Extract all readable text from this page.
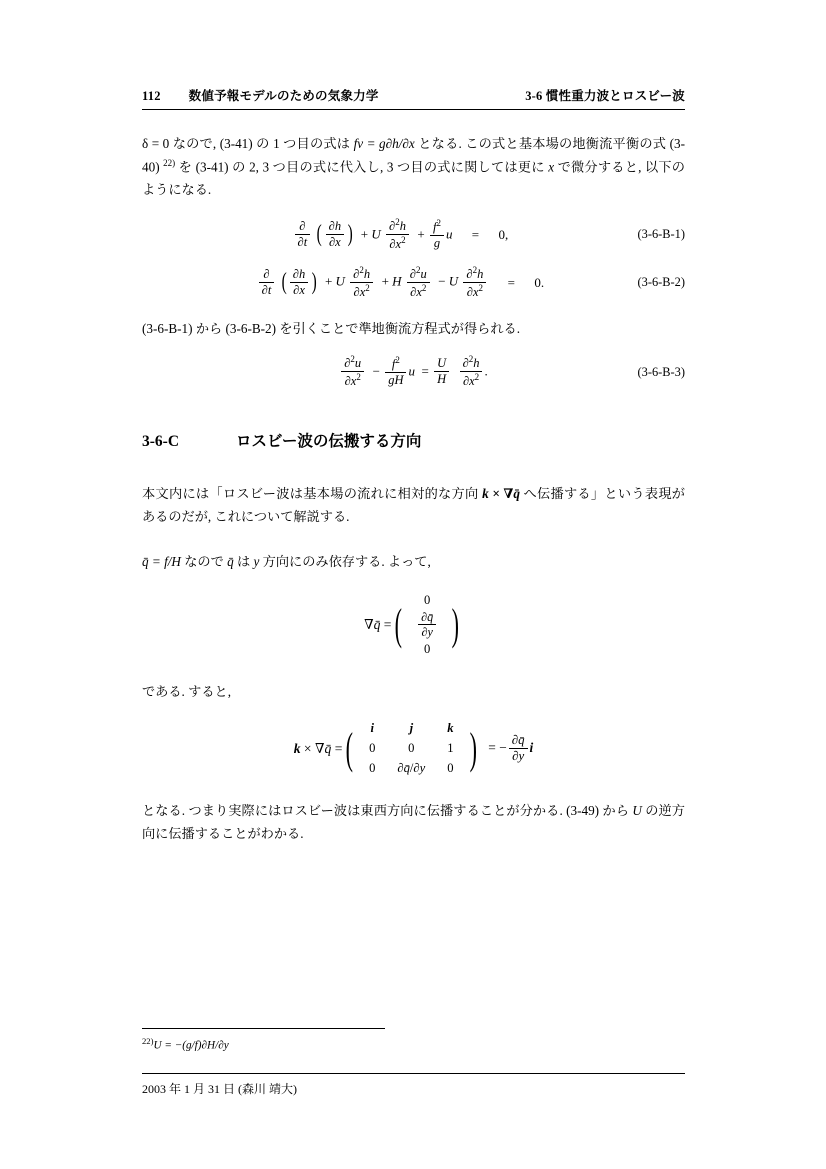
112 数値予報モデルのための気象力学	3-6 慣性重力波とロスビー波

δ = 0 なので, (3-41) の 1 つ目の式は fv = g∂h/∂x となる. この式と基本場の地衡流平衡の式 (3-40) $^{22)}$ を (3-41) の 2, 3 つ目の式に代入し, 3 つ目の式に関しては更に x で微分すると, 以下のようになる.

$\frac{\partial}{\partial t}$ ( $\frac{\partial h}{\partial x}$ )  + U $\frac{\partial^2h}{\partial x^2} + \frac{f^2}{g}$ u	=	0,	(3-6-B-1)
$\frac{\partial}{\partial t}$ ( $\frac{\partial h}{\partial x}$ )  + U $\frac{\partial^2h}{\partial x^2} + H \frac{\partial^2u}{\partial x^2} - U \frac{\partial^2h}{\partial x^2}$	=	0.	(3-6-B-2)

(3-6-B-1) から (3-6-B-2) を引くことで準地衡流方程式が得られる.

$\frac{\partial^2u}{\partial x^2} - \frac{f^2}{gH}$ $u = \frac{U}{H}$
$\frac{\partial^2h}{\partial x^2}$ .	(3-6-B-3)
3-6-C	ロスビー波の伝搬する方向

本文内には「ロスビー波は基本場の流れに相対的な方向 k × ∇q̄ へ伝播する」という表現があるのだが, これについて解説する.

q̄ = f/H なので q̄ は y 方向にのみ依存する. よって,

∇q̄ = (
0

$\frac{\partial q̄}{\partial y}$

0 )

である. すると,

k × ∇q̄ = ( i	j	k
0	0	1
0	∂q̄/∂y	0 ) = − $\frac{\partial q̄}{\partial y}$ i

となる. つまり実際にはロスビー波は東西方向に伝播することが分かる. (3-49) から U の逆方向に伝播することがわかる.

$^{22)}$U = −(g/f)∂H/∂y
2003 年 1 月 31 日 (森川 靖大)
